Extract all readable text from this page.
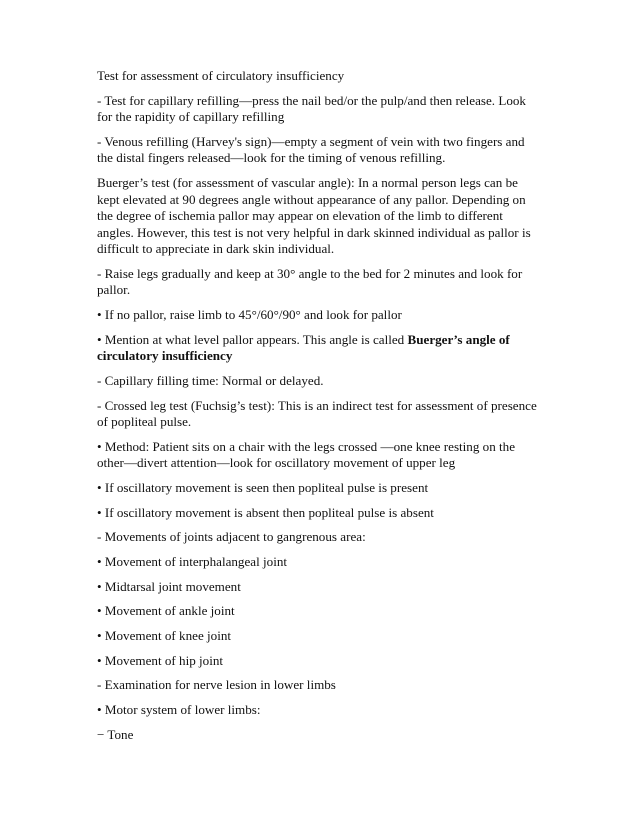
Test for assessment of circulatory insufficiency

- Test for capillary refilling—press the nail bed/or the pulp/and then release. Look for the rapidity of capillary refilling

- Venous refilling (Harvey's sign)—empty a segment of vein with two fingers and the distal fingers released—look for the timing of venous refilling.

Buerger’s test (for assessment of vascular angle): In a normal person legs can be kept elevated at 90 degrees angle without appearance of any pallor. Depending on the degree of ischemia pallor may appear on elevation of the limb to different angles. However, this test is not very helpful in dark skinned individual as pallor is difficult to appreciate in dark skin individual.

- Raise legs gradually and keep at 30° angle to the bed for 2 minutes and look for pallor.

• If no pallor, raise limb to 45°/60°/90° and look for pallor

• Mention at what level pallor appears. This angle is called Buerger’s angle of circulatory insufficiency

- Capillary filling time: Normal or delayed.

- Crossed leg test (Fuchsig’s test): This is an indirect test for assessment of presence of popliteal pulse.

• Method: Patient sits on a chair with the legs crossed —one knee resting on the other—divert attention—look for oscillatory movement of upper leg

• If oscillatory movement is seen then popliteal pulse is present

• If oscillatory movement is absent then popliteal pulse is absent

- Movements of joints adjacent to gangrenous area:

• Movement of interphalangeal joint

• Midtarsal joint movement

• Movement of ankle joint

• Movement of knee joint

• Movement of hip joint

- Examination for nerve lesion in lower limbs

• Motor system of lower limbs:

− Tone
